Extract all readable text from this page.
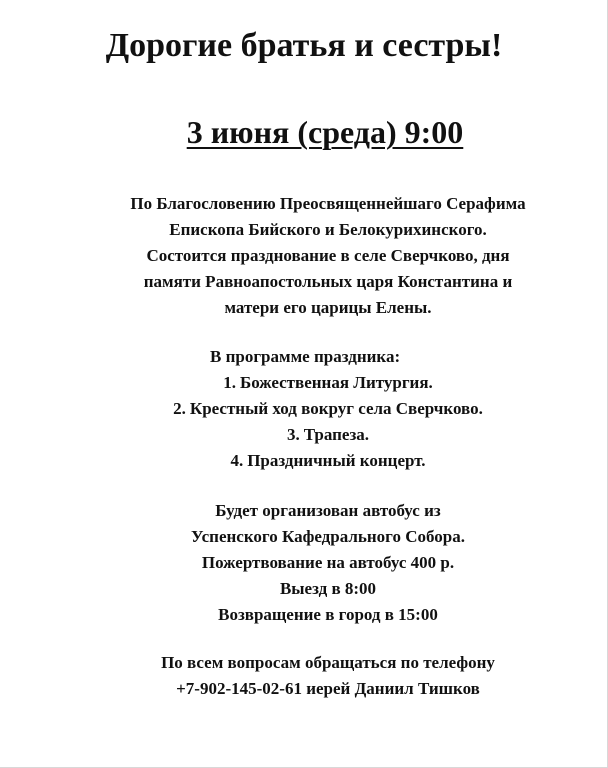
Дорогие братья и сестры!
3 июня (среда) 9:00
По Благословению Преосвященнейшаго Серафима
Епископа Бийского и Белокурихинского.
Состоится празднование в селе Сверчково, дня
памяти Равноапостольных царя Константина и
матери его царицы Елены.
В программе праздника:
1. Божественная Литургия.
2. Крестный ход вокруг села Сверчково.
3. Трапеза.
4. Праздничный концерт.
Будет организован автобус из
Успенского Кафедрального Собора.
Пожертвование на автобус 400 р.
Выезд в 8:00
Возвращение в город в 15:00
По всем вопросам обращаться по телефону
+7-902-145-02-61 иерей Даниил Тишков
